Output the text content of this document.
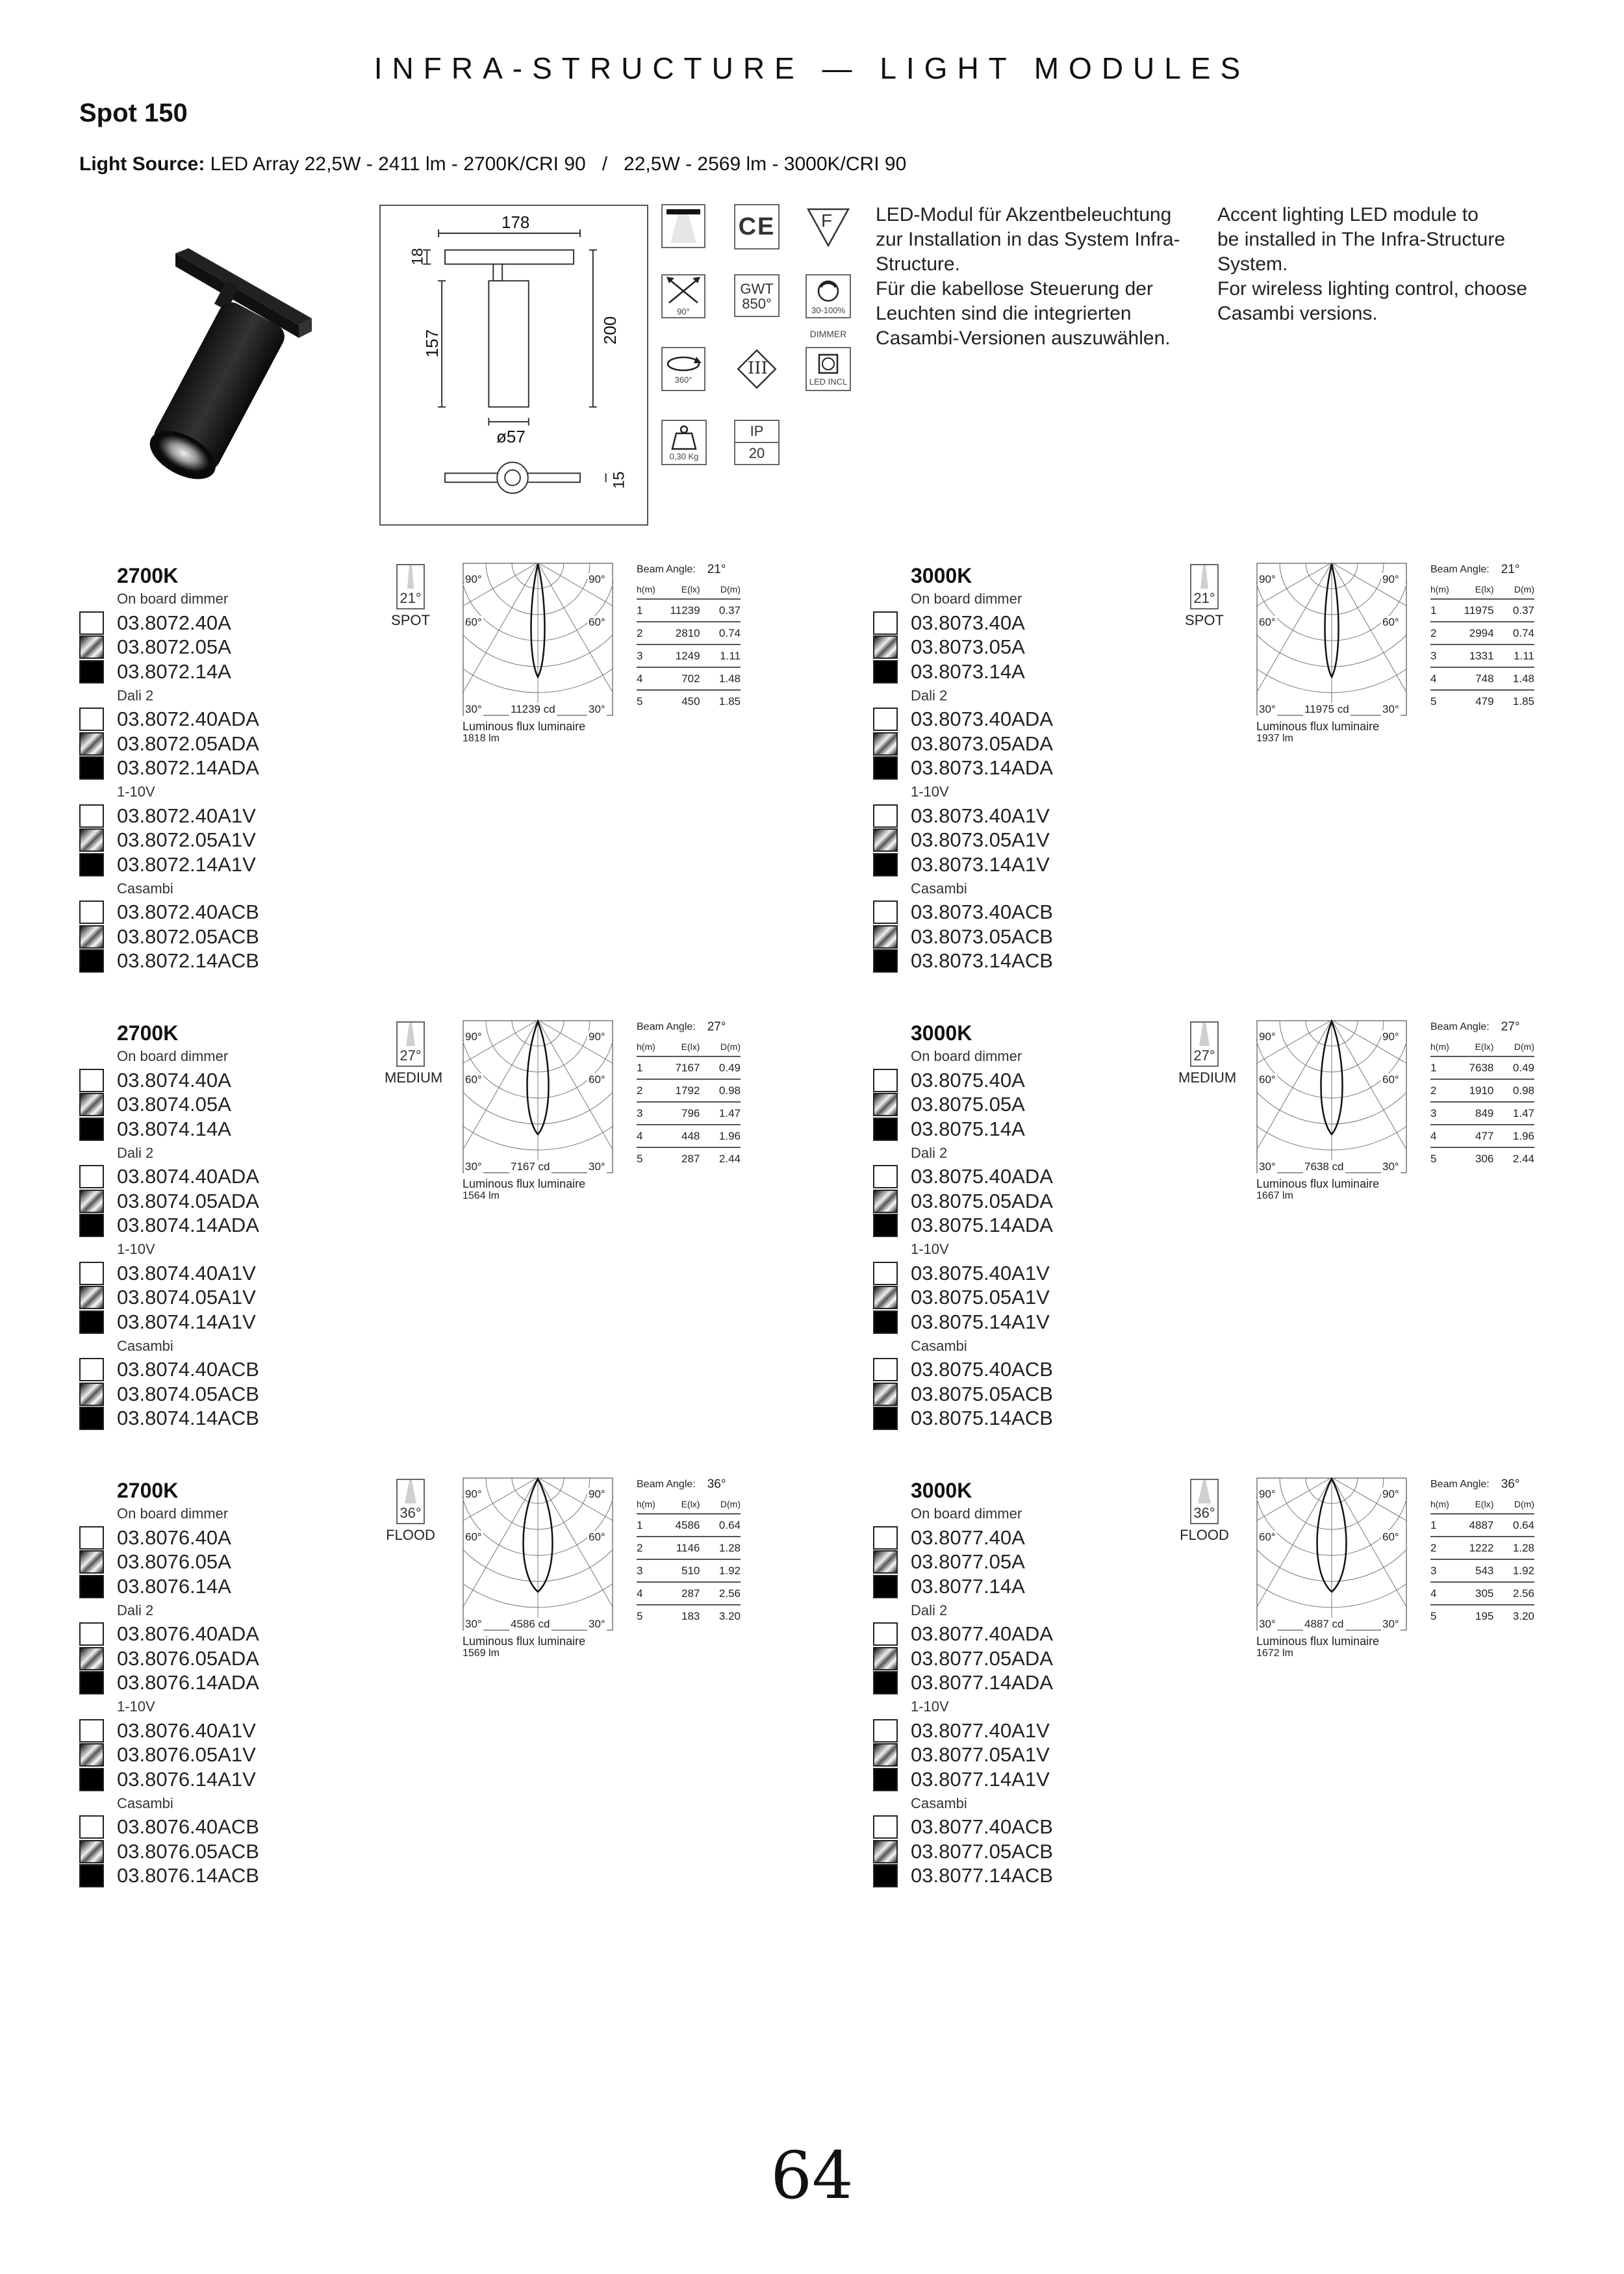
INFRA-STRUCTURE — LIGHT MODULES
Spot 150
Light Source: LED Array 22,5W - 2411 lm - 2700K/CRI 90   /   22,5W - 2569 lm - 3000K/CRI 90
178
18
157	200
ø57
15
CE	F
90°
GWT
850°	30-100%
DIMMER
360°
III
LED INCL
0,30 Kg
IP
20

LED-Modul für Akzentbeleuchtung

zur Installation in das System Infra-

Structure.

Für die kabellose Steuerung der

Leuchten sind die integrierten

Casambi-Versionen auszuwählen.

Accent lighting LED module to

be installed in The Infra-Structure

System.

For wireless lighting control, choose

Casambi versions.

2700K
On board dimmer
03.8072.40A
03.8072.05A
03.8072.14A
Dali 2
03.8072.40ADA
03.8072.05ADA
03.8072.14ADA
1-10V
03.8072.40A1V
03.8072.05A1V
03.8072.14A1V
Casambi
03.8072.40ACB
03.8072.05ACB
03.8072.14ACB
21°
SPOT
90°	90°
60°	60°
30°	30°
11239 cd
Luminous flux luminaire
1818 lm
Beam Angle: 21°
h(m)	E(lx)	D(m)
1	11239	0.37
2	2810	0.74
3	1249	1.11
4	702	1.48
5	450	1.85
3000K
On board dimmer
03.8073.40A
03.8073.05A
03.8073.14A
Dali 2
03.8073.40ADA
03.8073.05ADA
03.8073.14ADA
1-10V
03.8073.40A1V
03.8073.05A1V
03.8073.14A1V
Casambi
03.8073.40ACB
03.8073.05ACB
03.8073.14ACB
21°
SPOT
90°	90°
60°	60°
30°	30°
11975 cd
Luminous flux luminaire
1937 lm
Beam Angle: 21°
h(m)	E(lx)	D(m)
1	11975	0.37
2	2994	0.74
3	1331	1.11
4	748	1.48
5	479	1.85
2700K
On board dimmer
03.8074.40A
03.8074.05A
03.8074.14A
Dali 2
03.8074.40ADA
03.8074.05ADA
03.8074.14ADA
1-10V
03.8074.40A1V
03.8074.05A1V
03.8074.14A1V
Casambi
03.8074.40ACB
03.8074.05ACB
03.8074.14ACB
27°
MEDIUM
90°	90°
60°	60°
30°	30°
7167 cd
Luminous flux luminaire
1564 lm
Beam Angle: 27°
h(m)	E(lx)	D(m)
1	7167	0.49
2	1792	0.98
3	796	1.47
4	448	1.96
5	287	2.44
3000K
On board dimmer
03.8075.40A
03.8075.05A
03.8075.14A
Dali 2
03.8075.40ADA
03.8075.05ADA
03.8075.14ADA
1-10V
03.8075.40A1V
03.8075.05A1V
03.8075.14A1V
Casambi
03.8075.40ACB
03.8075.05ACB
03.8075.14ACB
27°
MEDIUM
90°	90°
60°	60°
30°	30°
7638 cd
Luminous flux luminaire
1667 lm
Beam Angle: 27°
h(m)	E(lx)	D(m)
1	7638	0.49
2	1910	0.98
3	849	1.47
4	477	1.96
5	306	2.44
2700K
On board dimmer
03.8076.40A
03.8076.05A
03.8076.14A
Dali 2
03.8076.40ADA
03.8076.05ADA
03.8076.14ADA
1-10V
03.8076.40A1V
03.8076.05A1V
03.8076.14A1V
Casambi
03.8076.40ACB
03.8076.05ACB
03.8076.14ACB
36°
FLOOD
90°	90°
60°	60°
30°	30°
4586 cd
Luminous flux luminaire
1569 lm
Beam Angle: 36°
h(m)	E(lx)	D(m)
1	4586	0.64
2	1146	1.28
3	510	1.92
4	287	2.56
5	183	3.20
3000K
On board dimmer
03.8077.40A
03.8077.05A
03.8077.14A
Dali 2
03.8077.40ADA
03.8077.05ADA
03.8077.14ADA
1-10V
03.8077.40A1V
03.8077.05A1V
03.8077.14A1V
Casambi
03.8077.40ACB
03.8077.05ACB
03.8077.14ACB
36°
FLOOD
90°	90°
60°	60°
30°	30°
4887 cd
Luminous flux luminaire
1672 lm
Beam Angle: 36°
h(m)	E(lx)	D(m)
1	4887	0.64
2	1222	1.28
3	543	1.92
4	305	2.56
5	195	3.20
64
